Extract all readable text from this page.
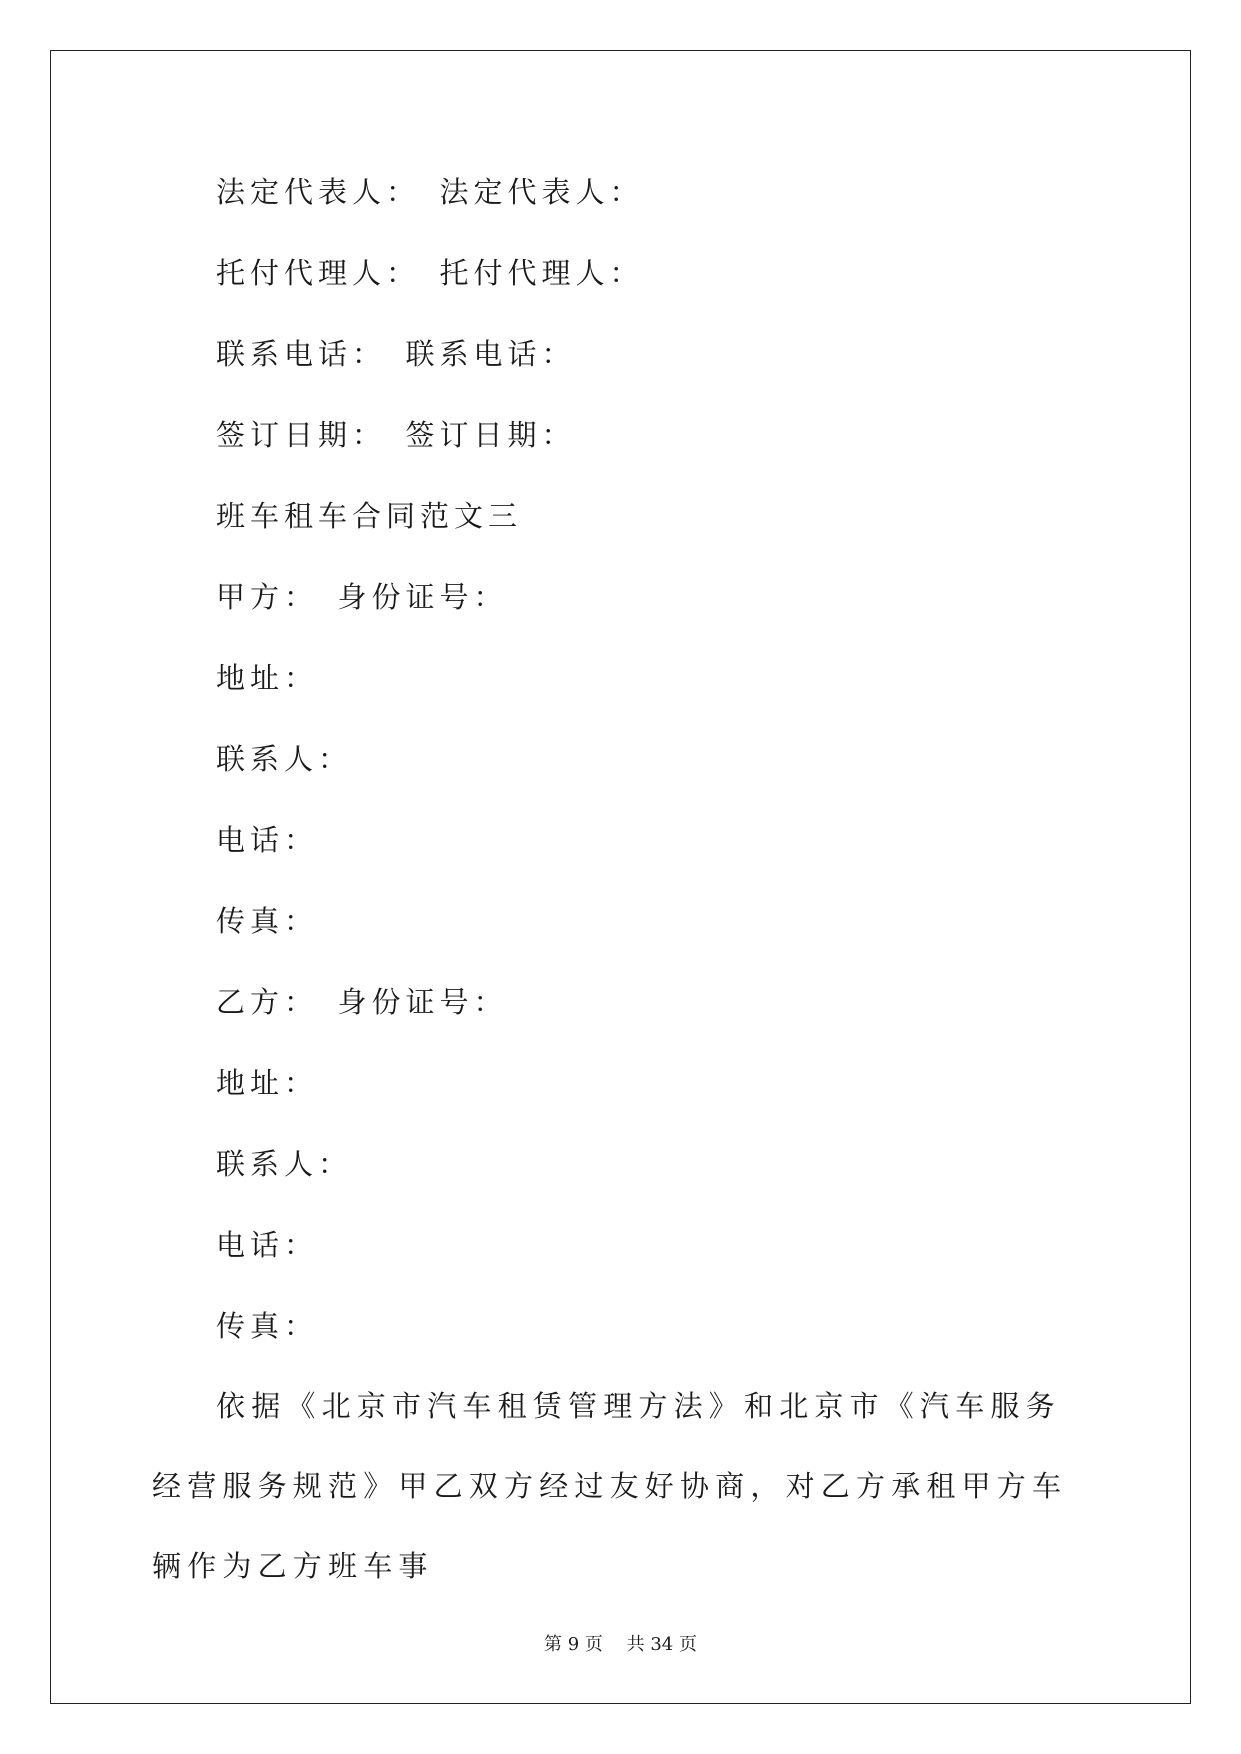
法定代表人：　法定代表人：
托付代理人：　托付代理人：
联系电话：　联系电话：
签订日期：　签订日期：
班车租车合同范文三
甲方：　身份证号：
地址：
联系人：
电话：
传真：
乙方：　身份证号：
地址：
联系人：
电话：
传真：
依据《北京市汽车租赁管理方法》和北京市《汽车服务经营服务规范》甲乙双方经过友好协商，对乙方承租甲方车辆作为乙方班车事
第 9 页　 共 34 页
